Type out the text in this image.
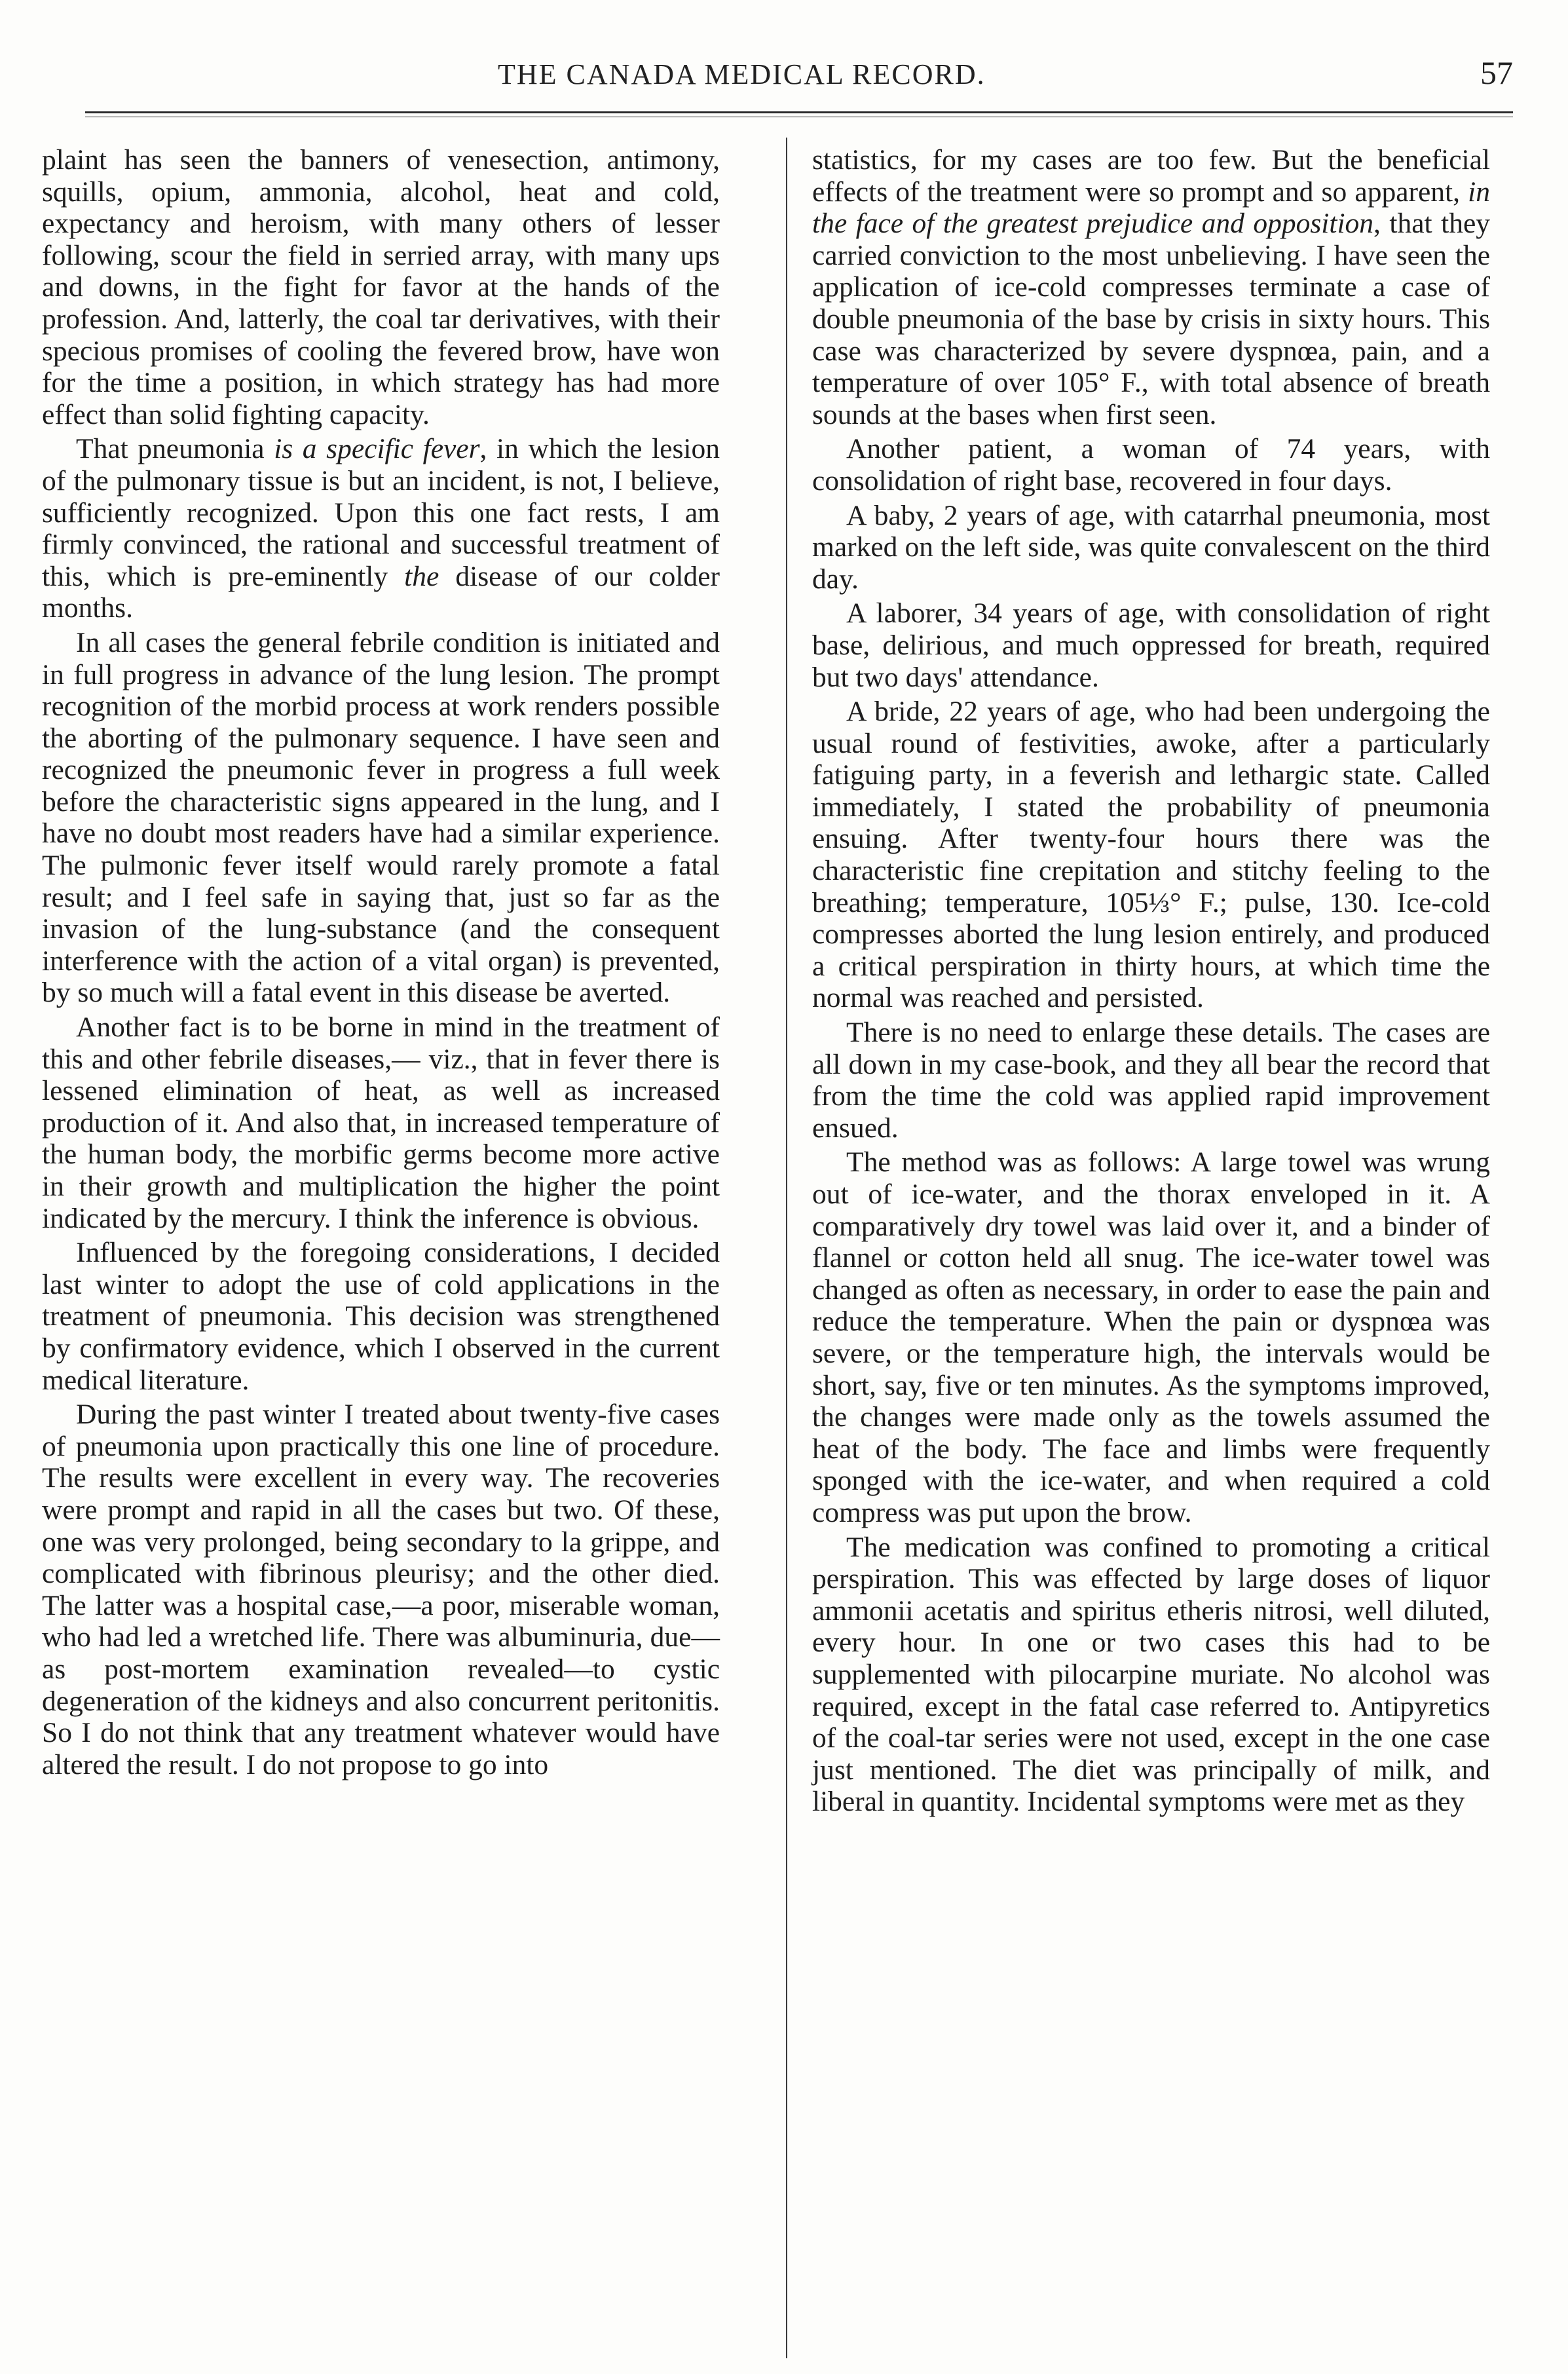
THE CANADA MEDICAL RECORD.	57

plaint has seen the banners of venesection, antimony, squills, opium, ammonia, alcohol, heat and cold, expectancy and heroism, with many others of lesser following, scour the field in serried array, with many ups and downs, in the fight for favor at the hands of the profession. And, latterly, the coal tar derivatives, with their specious promises of cooling the fevered brow, have won for the time a position, in which strategy has had more effect than solid fighting capacity.

That pneumonia is a specific fever, in which the lesion of the pulmonary tissue is but an incident, is not, I believe, sufficiently recognized. Upon this one fact rests, I am firmly convinced, the rational and successful treatment of this, which is pre-eminently the disease of our colder months.

In all cases the general febrile condition is initiated and in full progress in advance of the lung lesion. The prompt recognition of the morbid process at work renders possible the aborting of the pulmonary sequence. I have seen and recognized the pneumonic fever in progress a full week before the characteristic signs appeared in the lung, and I have no doubt most readers have had a similar experience. The pulmonic fever itself would rarely promote a fatal result; and I feel safe in saying that, just so far as the invasion of the lung-substance (and the consequent interference with the action of a vital organ) is prevented, by so much will a fatal event in this disease be averted.

Another fact is to be borne in mind in the treatment of this and other febrile diseases,— viz., that in fever there is lessened elimination of heat, as well as increased production of it. And also that, in increased temperature of the human body, the morbific germs become more active in their growth and multiplication the higher the point indicated by the mercury. I think the inference is obvious.

Influenced by the foregoing considerations, I decided last winter to adopt the use of cold applications in the treatment of pneumonia. This decision was strengthened by confirmatory evidence, which I observed in the current medical literature.

During the past winter I treated about twenty-five cases of pneumonia upon practically this one line of procedure. The results were excellent in every way. The recoveries were prompt and rapid in all the cases but two. Of these, one was very prolonged, being secondary to la grippe, and complicated with fibrinous pleurisy; and the other died. The latter was a hospital case,—a poor, miserable woman, who had led a wretched life. There was albuminuria, due—as post-mortem examination revealed—to cystic degeneration of the kidneys and also concurrent peritonitis. So I do not think that any treatment whatever would have altered the result. I do not propose to go into

statistics, for my cases are too few. But the beneficial effects of the treatment were so prompt and so apparent, in the face of the greatest prejudice and opposition, that they carried conviction to the most unbelieving. I have seen the application of ice-cold compresses terminate a case of double pneumonia of the base by crisis in sixty hours. This case was characterized by severe dyspnœa, pain, and a temperature of over 105° F., with total absence of breath sounds at the bases when first seen.

Another patient, a woman of 74 years, with consolidation of right base, recovered in four days.

A baby, 2 years of age, with catarrhal pneumonia, most marked on the left side, was quite convalescent on the third day.

A laborer, 34 years of age, with consolidation of right base, delirious, and much oppressed for breath, required but two days' attendance.

A bride, 22 years of age, who had been undergoing the usual round of festivities, awoke, after a particularly fatiguing party, in a feverish and lethargic state. Called immediately, I stated the probability of pneumonia ensuing. After twenty-four hours there was the characteristic fine crepitation and stitchy feeling to the breathing; temperature, 105⅓° F.; pulse, 130. Ice-cold compresses aborted the lung lesion entirely, and produced a critical perspiration in thirty hours, at which time the normal was reached and persisted.

There is no need to enlarge these details. The cases are all down in my case-book, and they all bear the record that from the time the cold was applied rapid improvement ensued.

The method was as follows: A large towel was wrung out of ice-water, and the thorax enveloped in it. A comparatively dry towel was laid over it, and a binder of flannel or cotton held all snug. The ice-water towel was changed as often as necessary, in order to ease the pain and reduce the temperature. When the pain or dyspnœa was severe, or the temperature high, the intervals would be short, say, five or ten minutes. As the symptoms improved, the changes were made only as the towels assumed the heat of the body. The face and limbs were frequently sponged with the ice-water, and when required a cold compress was put upon the brow.

The medication was confined to promoting a critical perspiration. This was effected by large doses of liquor ammonii acetatis and spiritus etheris nitrosi, well diluted, every hour. In one or two cases this had to be supplemented with pilocarpine muriate. No alcohol was required, except in the fatal case referred to. Antipyretics of the coal-tar series were not used, except in the one case just mentioned. The diet was principally of milk, and liberal in quantity. Incidental symptoms were met as they
